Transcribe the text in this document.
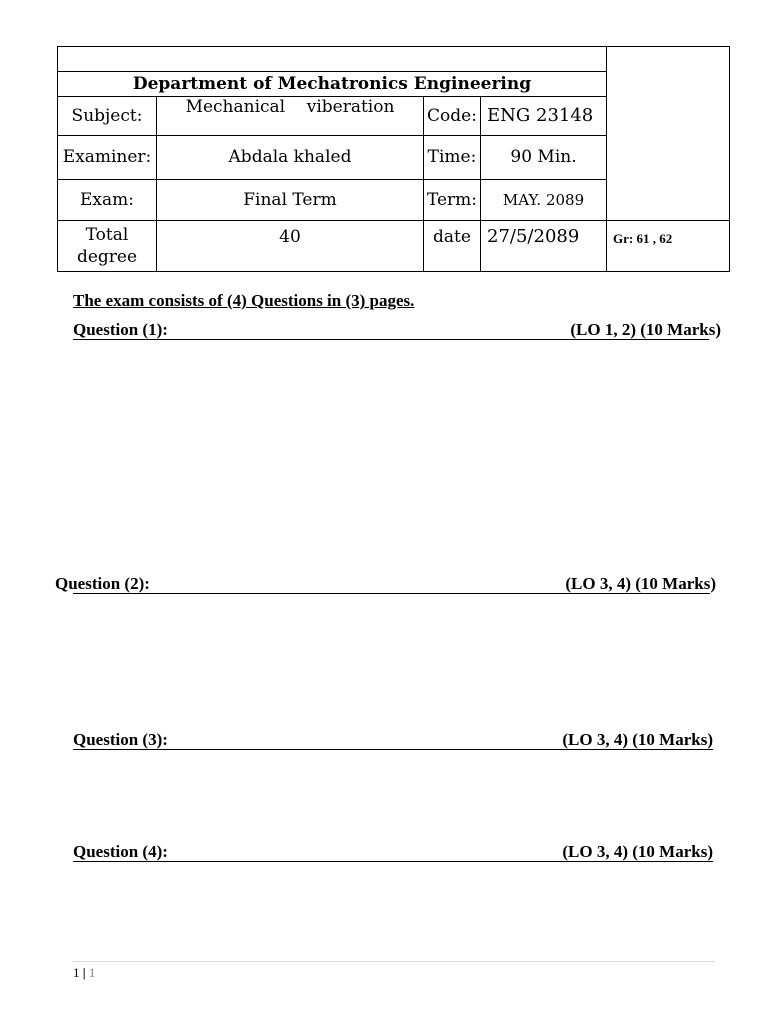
Department of Mechatronics Engineering				
Subject:	Mechanical    viberation	Code:	ENG 23148	
Examiner:	Abdala khaled	Time:	90 Min.	
Exam:	Final Term	Term:	MAY. 2089	
Total degree	40	date	27/5/2089	Gr: 61 , 62
The exam consists of (4) Questions in (3) pages.
Question (1):	(LO 1, 2) (10 Marks)
Question (2):	(LO 3, 4) (10 Marks)
Question (3):	(LO 3, 4) (10 Marks)
Question (4):	(LO 3, 4) (10 Marks)
1 | 1
